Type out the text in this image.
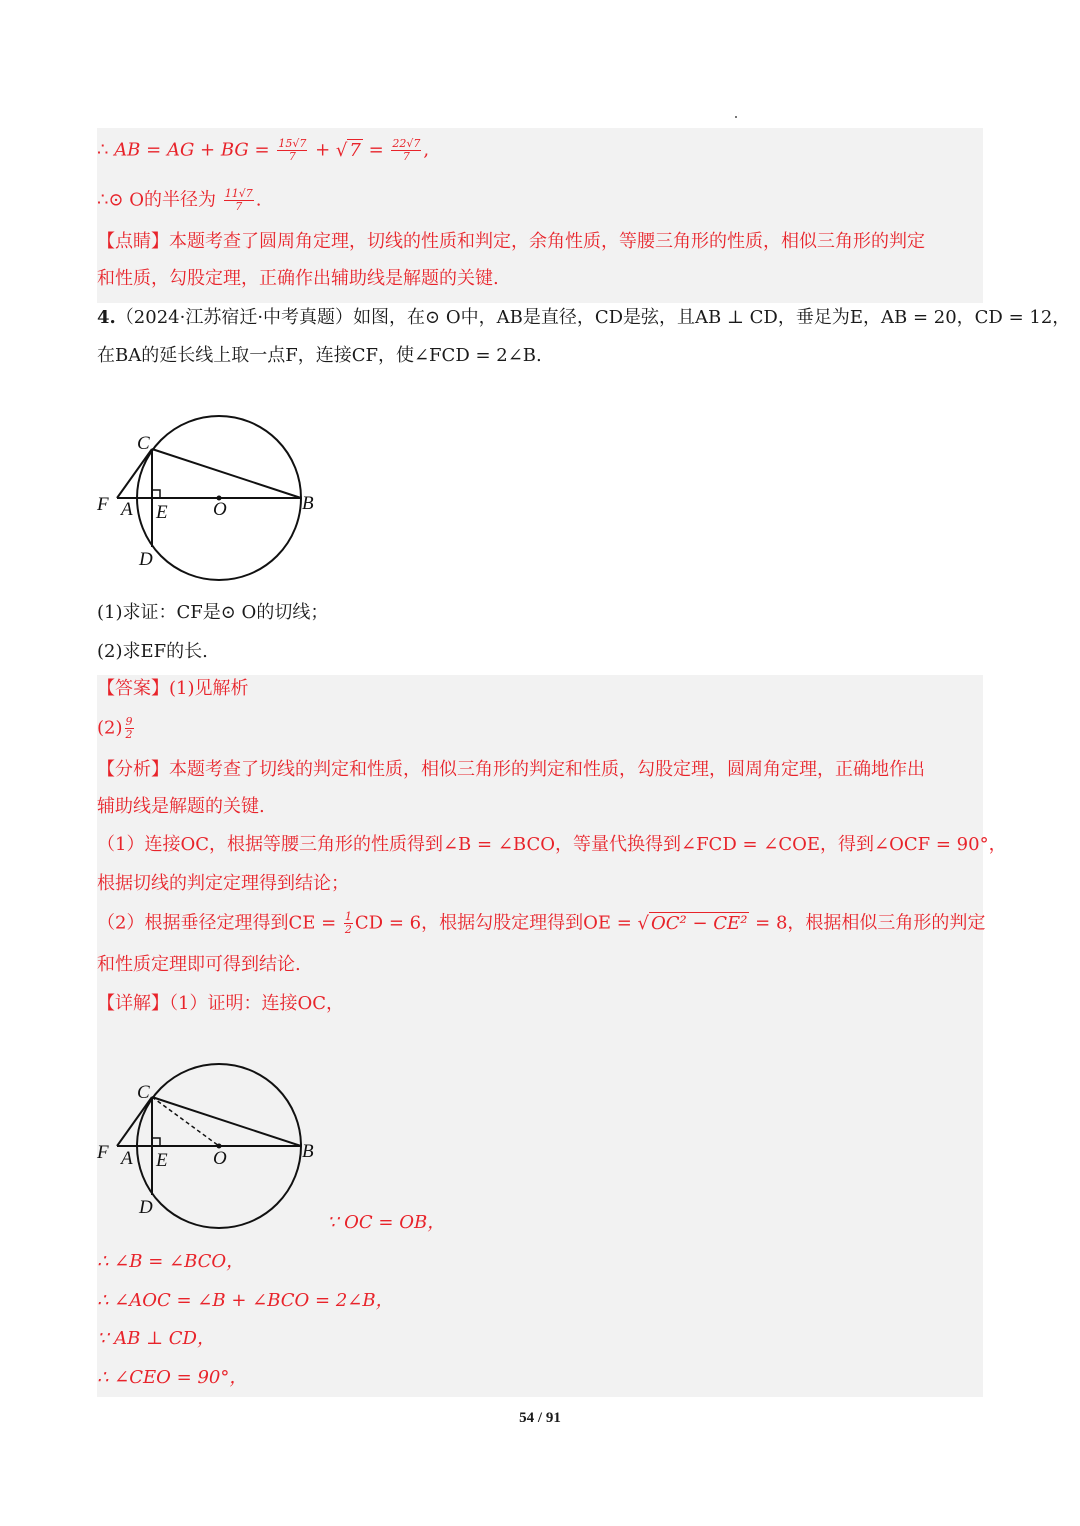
∴ AB = AG + BG = $\frac{15√7}{7}$ + √ $7 = \frac{22√7}{7}$ ,
∴⊙ O的半径为 $\frac{11√7}{7}$ .
【点睛】本题考查了圆周角定理，切线的性质和判定，余角性质，等腰三角形的性质，相似三角形的判定
和性质，勾股定理，正确作出辅助线是解题的关键.
4.（2024·江苏宿迁·中考真题）如图，在⊙ O中，AB是直径，CD是弦，且AB ⊥ CD，垂足为E，AB = 20，CD = 12，
在BA的延长线上取一点F，连接CF，使∠FCD = 2∠B.
C
F A E O	B
D
(1)求证：CF是⊙ O的切线；
(2)求EF的长.
【答案】(1)见解析
$(2) \frac{9}{2}$
【分析】本题考查了切线的判定和性质，相似三角形的判定和性质，勾股定理，圆周角定理，正确地作出
辅助线是解题的关键.
（1）连接OC，根据等腰三角形的性质得到∠B = ∠BCO，等量代换得到∠FCD = ∠COE，得到∠OCF = 90°，
根据切线的判定定理得到结论；
（2）根据垂径定理得到CE = $\frac{1}{2}$ CD = 6，根据勾股定理得到OE = √ OC² − CE² = 8，根据相似三角形的判定
和性质定理即可得到结论.
【详解】（1）证明：连接OC，
C
F A E O	B
D
∵ OC = OB，
∴ ∠B = ∠BCO，
∴ ∠AOC = ∠B + ∠BCO = 2∠B，
∵ AB ⊥ CD，
∴ ∠CEO = 90°，
54 / 91
